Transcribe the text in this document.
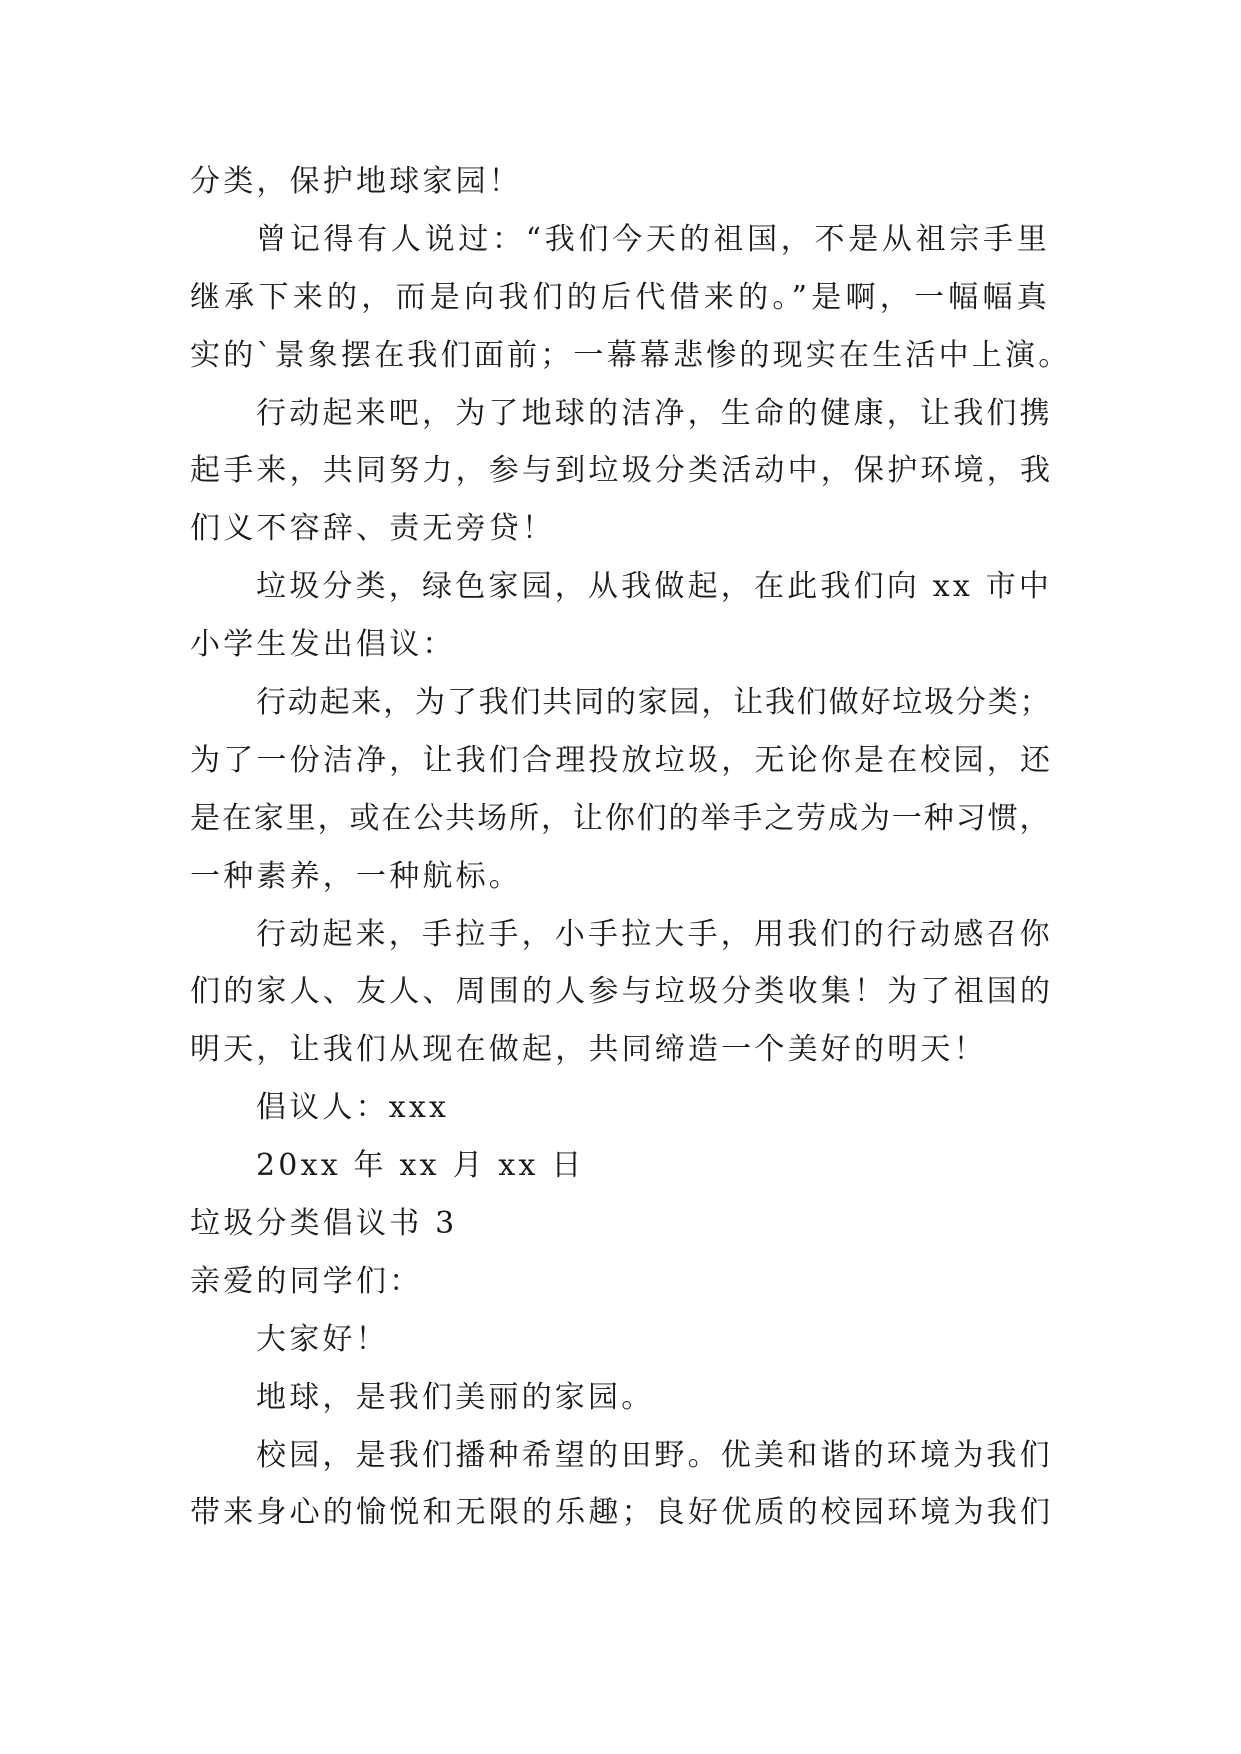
分类，保护地球家园！
曾记得有人说过：“我们今天的祖国，不是从祖宗手里
继承下来的，而是向我们的后代借来的。”是啊，一幅幅真
实的`景象摆在我们面前；一幕幕悲惨的现实在生活中上演。
行动起来吧，为了地球的洁净，生命的健康，让我们携
起手来，共同努力，参与到垃圾分类活动中，保护环境，我
们义不容辞、责无旁贷！
垃圾分类，绿色家园，从我做起，在此我们向 xx 市中
小学生发出倡议：
行动起来，为了我们共同的家园，让我们做好垃圾分类；
为了一份洁净，让我们合理投放垃圾，无论你是在校园，还
是在家里，或在公共场所，让你们的举手之劳成为一种习惯，
一种素养，一种航标。
行动起来，手拉手，小手拉大手，用我们的行动感召你
们的家人、友人、周围的人参与垃圾分类收集！为了祖国的
明天，让我们从现在做起，共同缔造一个美好的明天！
倡议人：xxx
20xx 年 xx 月 xx 日
垃圾分类倡议书 3
亲爱的同学们：
大家好！
地球，是我们美丽的家园。
校园，是我们播种希望的田野。优美和谐的环境为我们
带来身心的愉悦和无限的乐趣；良好优质的校园环境为我们
